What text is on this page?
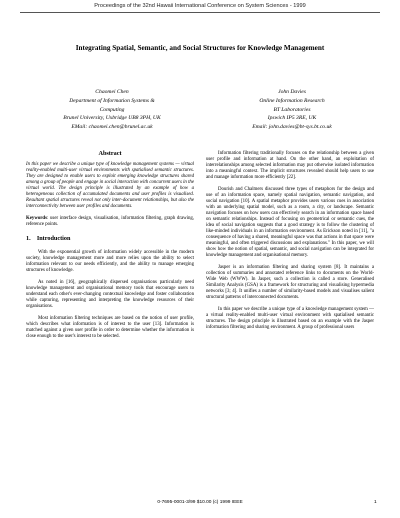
Proceedings of the 32nd Hawaii International Conference on System Sciences - 1999
Integrating Spatial, Semantic, and Social Structures for Knowledge Management
Chaomei Chen
Department of Information Systems &
Computing
Brunel University, Uxbridge UB8 3PH, UK
EMail: chaomei.chen@brunel.ac.uk
John Davies
Online Information Research
BT Laboratories
Ipswich IP5 3RE, UK
Email: john.davies@bt-sys.bt.co.uk
Abstract

In this paper we describe a unique type of knowledge management systems — virtual reality-enabled multi-user virtual environments with spatialised semantic structures. They are designed to enable users to exploit emerging knowledge structures shared among a group of people and engage in social interaction with concurrent users in the virtual world. The design principle is illustrated by an example of how a heterogeneous collection of accumulated documents and user profiles is visualised. Resultant spatial structures reveal not only inter-document relationships, but also the interconnectivity between user profiles and documents.

Keywords: user interface design, visualisation, information filtering, graph drawing, reference points.

1. Introduction

With the exponential growth of information widely accessible in the modern society, knowledge management more and more relies upon the ability to select information relevant to our needs efficiently, and the ability to manage emerging structures of knowledge.

As noted in [16], geographically dispersed organisations particularly need knowledge management and organisational memory tools that encourage users to understand each other's ever-changing contextual knowledge and foster collaboration while capturing, representing and interpreting the knowledge resources of their organisations.

Most information filtering techniques are based on the notion of user profile, which describes what information is of interest to the user [13]. Information is matched against a given user profile in order to determine whether the information is close enough to the user's interest to be selected.

Information filtering traditionally focuses on the relationship between a given user profile and information at hand. On the other hand, an exploitation of interrelationships among selected information may put otherwise isolated information into a meaningful context. The implicit structures revealed should help users to use and manage information more efficiently [22].

Dourish and Chalmers discussed three types of metaphors for the design and use of an information space, namely spatial navigation, semantic navigation, and social navigation [10]. A spatial metaphor provides users various cues in association with an underlying spatial model, such as a room, a city, or landscape. Semantic navigation focuses on how users can effectively search in an information space based on semantic relationships. Instead of focusing on geometrical or semantic cues, the idea of social navigation suggests that a good strategy is to follow the clustering of like-minded individuals in an information environment. As Erickson noted in [11], "a consequence of having a shared, meaningful space was that actions in that space were meaningful, and often triggered discussions and explanations." In this paper, we will show how the notion of spatial, semantic, and social navigation can be integrated for knowledge management and organisational memory.

Jasper is an information filtering and sharing system [8]. It maintains a collection of summaries and annotated reference links to documents on the World-Wide Web (WWW). In Jasper, such a collection is called a store. Generalised Similarity Analysis (GSA) is a framework for structuring and visualising hypermedia networks [3; 4]. It unifies a number of similarity-based models and visualises salient structural patterns of interconnected documents.

In this paper we describe a unique type of a knowledge management system — a virtual reality-enabled multi-user virtual environment with spatialised semantic structures. The design principle is illustrated based on an example with the Jasper information filtering and sharing environment. A group of professional users

0-7695-0001-3/99 $10.00 (c) 1999 IEEE	1
